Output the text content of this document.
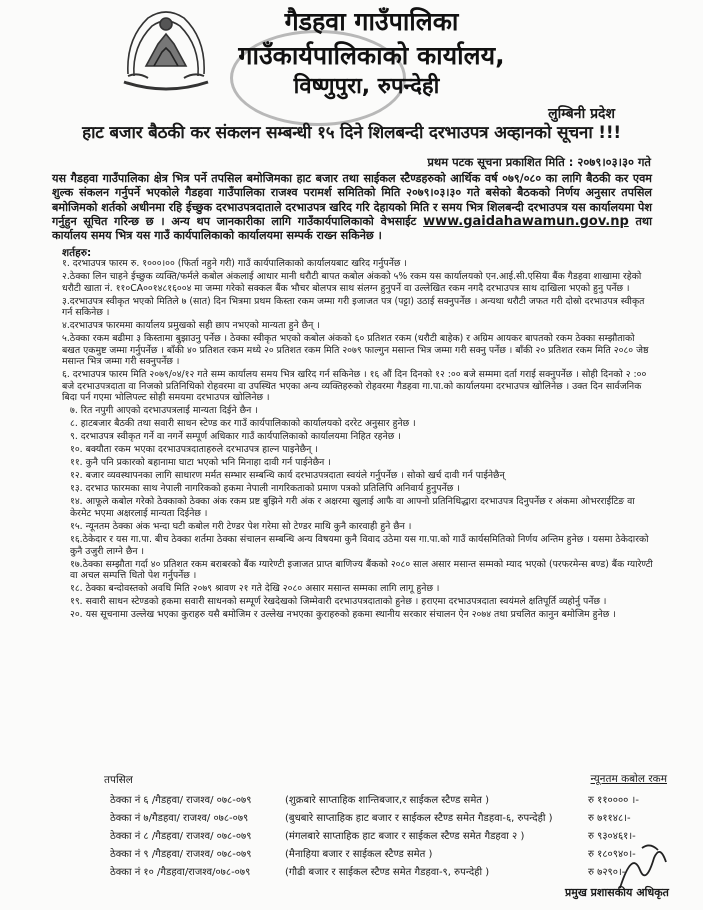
गैडहवा गाउँपालिका
गाउँकार्यपालिकाको कार्यालय,
विष्णुपुरा, रुपन्देही
लुम्बिनी प्रदेश
हाट बजार बैठकी कर संकलन सम्बन्धी १५ दिने शिलबन्दी दरभाउपत्र अव्हानको सूचना !!!
प्रथम पटक सूचना प्रकाशित मिति : २०७९।०३।३० गते
यस गैडहवा गाउँपालिका क्षेत्र भित्र पर्ने तपसिल बमोजिमका हाट बजार तथा साईकल स्टैण्डहरुको आर्थिक वर्ष ०७९/०८० का लागि बैठकी कर एवम शुल्क संकलन गर्नुपर्ने भएकोले गैडहवा गाउँपालिका राजश्व परामर्श समितिको मिति २०७९।०३।३० गते बसेको बैठकको निर्णय अनुसार तपसिल बमोजिमको शर्तको अधीनमा रहि ईच्छुक दरभाउपत्रदाताले दरभाउपत्र खरिद गरि देहायको मिति र समय भित्र शिलबन्दी दरभाउपत्र यस कार्यालयमा पेश गर्नुहुन सूचित गरिन्छ छ । अन्य थप जानकारीका लागि गाउँकार्यपालिकाको वेभसाईट www.gaidahawamun.gov.np तथा कार्यालय समय भित्र यस गाउँ कार्यपालिकाको कार्यालयमा सम्पर्क राख्न सकिनेछ ।
शर्तहरु:
१. दरभाउपत्र फारम रु. १०००।०० (फिर्ता नहुने गरी) गाउँ कार्यपालिकाको कार्यालयबाट खरिद गर्नुपर्नेछ ।
२.ठेक्का लिन चाहने ईच्छुक व्यक्ति/फर्मले कबोल अंकलाई आधार मानी धरौटी बापत कबोल अंकको ५% रकम यस कार्यालयको एन.आई.सी.एसिया बैंक गैडहवा शाखामा रहेको धरौटी खाता नं. ११०CA००१४८१६००४ मा जम्मा गरेको सक्कल बैंक भौचर बोलपत्र साथ संलग्न हुनुपर्ने वा उल्लेखित रकम नगदै दरभाउपत्र साथ दाखिला भएको हुनु पर्नेछ ।
३.दरभाउपत्र स्वीकृत भएको मितिले ७ (सात) दिन भित्रमा प्रथम किस्ता रकम जम्मा गरी इजाजत पत्र (पट्टा) उठाई सक्नुपर्नेछ । अन्यथा धरौटी जफत गरी दोस्रो दरभाउपत्र स्वीकृत गर्न सकिनेछ ।
४.दरभाउपत्र फारममा कार्यालय प्रमुखको सही छाप नभएको मान्यता हुने छैन् ।
५.ठेक्का रकम बढीमा ३ किस्तामा बुझाउनु पर्नेछ । ठेक्का स्वीकृत भएको कबोल अंकको ६० प्रतिशत रकम (धरौटी बाहेक) र अग्रिम आयकर बापतको रकम ठेक्का सम्झौताको बखत एकमुष्ट जम्मा गर्नुपर्नेछ । बाँकी ४० प्रतिशत रकम मध्ये २० प्रतिशत रकम मिति २०७९ फाल्गुन मसान्त भित्र जम्मा गरी सक्नु पर्नेछ । बाँकी २० प्रतिशत रकम मिति २०८० जेष्ठ मसान्त भित्र जम्मा गरी सक्नुपर्नेछ ।
६. दरभाउपत्र फारम मिति २०७९/०४/१२ गते सम्म कार्यालय समय भित्र खरिद गर्न सकिनेछ । १६ औं दिन दिनको १२ :०० बजे सम्ममा दर्ता गराई सक्नुपर्नेछ । सोही दिनको २ :०० बजे दरभाउपत्रदाता वा निजको प्रतिनिधिको रोहवरमा वा उपस्थित भएका अन्य व्यक्तिहरुको रोहवरमा गैडहवा गा.पा.को कार्यालयमा दरभाउपत्र खोलिनेछ । उक्त दिन सार्वजनिक बिदा पर्न गएमा भोलिपल्ट सोही समयमा दरभाउपत्र खोलिनेछ ।
७. रित नपुगी आएको दरभाउपत्रलाई मान्यता दिईने छैन ।
८. हाटबजार बैठकी तथा सवारी साधन स्टेण्ड कर गाउँ कार्यपालिकाको कार्यालयको दररेट अनुसार हुनेछ ।
९. दरभाउपत्र स्वीकृत गर्ने वा नगर्ने सम्पूर्ण अधिकार गाउँ कार्यपालिकाको कार्यालयमा निहित रहनेछ ।
१०. बक्यौता रकम भएका दरभाउपत्रदाताहरुले दरभाउपत्र हाल्न पाइनेछैन् ।
११. कुनै पनि प्रकारको बहानामा घाटा भएको भनि मिनाहा दावी गर्न पाईनेछैन ।
१२. बजार व्यवस्थापनका लागि साधारण मर्मत सम्भार सम्बन्धि कार्य दरभाउपत्रदाता स्वयंले गर्नुपर्नेछ । सोको खर्च दावी गर्न पाईनेछैन्
१३. दरभाउ फारमका साथ नेपाली नागरिकको हकमा नेपाली नागरिकताको प्रमाण पत्रको प्रतिलिपि अनिवार्य हुनुपर्नेछ ।
१४. आफूले कबोल गरेको ठेक्काको ठेक्का अंक रकम प्रष्ट बुझिने गरी अंक र अक्षरमा खुलाई आफै वा आफ्नो प्रतिनिधिद्धारा दरभाउपत्र दिनुपर्नेछ र अंकमा ओभरराईटिङ वा केरमेट भएमा अक्षरलाई मान्यता दिईनेछ ।
१५. न्यूनतम ठेक्का अंक भन्दा घटी कबोल गरी टेण्डर पेश गरेमा सो टेण्डर माथि कुनै कारवाही हुने छैन ।
१६.ठेकेदार र यस गा.पा. बीच ठेक्का शर्तमा ठेक्का संचालन सम्बन्धि अन्य विषयमा कुनै विवाद उठेमा यस गा.पा.को गाउँ कार्यसमितिको निर्णय अन्तिम हुनेछ । यसमा ठेकेदारको कुनै उजुरी लाग्ने छैन ।
१७.ठेक्का सम्झौता गर्दा ४० प्रतिशत रकम बराबरको बैंक ग्यारेण्टी इजाजत प्राप्त बाणिज्य बैंकको २०८० साल असार मसान्त सम्मको म्याद भएको (परफरमेन्स बण्ड) बैंक ग्यारेण्टी वा अचल सम्पत्ति धितो पेश गर्नुपर्नेछ ।
१८. ठेक्का बन्दोवस्तको अवधि मिति २०७९ श्रावण २१ गते देखि २०८० असार मसान्त सम्मका लागि लागू हुनेछ ।
१९. सवारी साधन स्टेण्डको हकमा सवारी साधनको सम्पूर्ण रेखदेखको जिम्मेवारी दरभाउपत्रदाताको हुनेछ । हराएमा दरभाउपत्रदाता स्वयंमले क्षतिपूर्ति व्यहोर्नु पर्नेछ ।
२०. यस सूचनामा उल्लेख भएका कुराहरु यसै बमोजिम र उल्लेख नभएका कुराहरुको हकमा स्थानीय सरकार संचालन ऐन २०७४ तथा प्रचलित कानुन बमोजिम हुनेछ ।
तपसिल	न्यूनतम कबोल रकम
ठेक्का नं ६ /गैडहवा/ राजश्व/ ०७८-०७९	(शुक्रबारे साप्ताहिक शान्तिबजार,र साईकल स्टैण्ड समेत )	रु ११०००० ।-
ठेक्का नं ७/गैडहवा/ राजश्व/ ०७८-०७९	(बुधबारे साप्ताहिक हाट बजार र साईकल स्टैण्ड समेत गैडहवा-६, रुपन्देही )	रु ७११४८।-
ठेक्का नं ८ /गैडहवा/ राजश्व/ ०७८-०७९	(मंगलबारे साप्ताहिक हाट बजार र साईकल स्टैण्ड समेत गैडहवा २ )	रु ९३०४६१।-
ठेक्का नं ९ /गैडहवा/ राजश्व/ ०७८-०७९	(मैनाहिया बजार र साईकल स्टैण्ड समेत )	रु १८०९४०।-
ठेक्का नं १० /गैडहवा/राजश्व/०७८-०७९	(गौढी बजार र साईकल स्टैण्ड समेत गैडहवा-९, रुपन्देही )	रु ७२९०।-
प्रमुख प्रशासकीय अधिकृत
